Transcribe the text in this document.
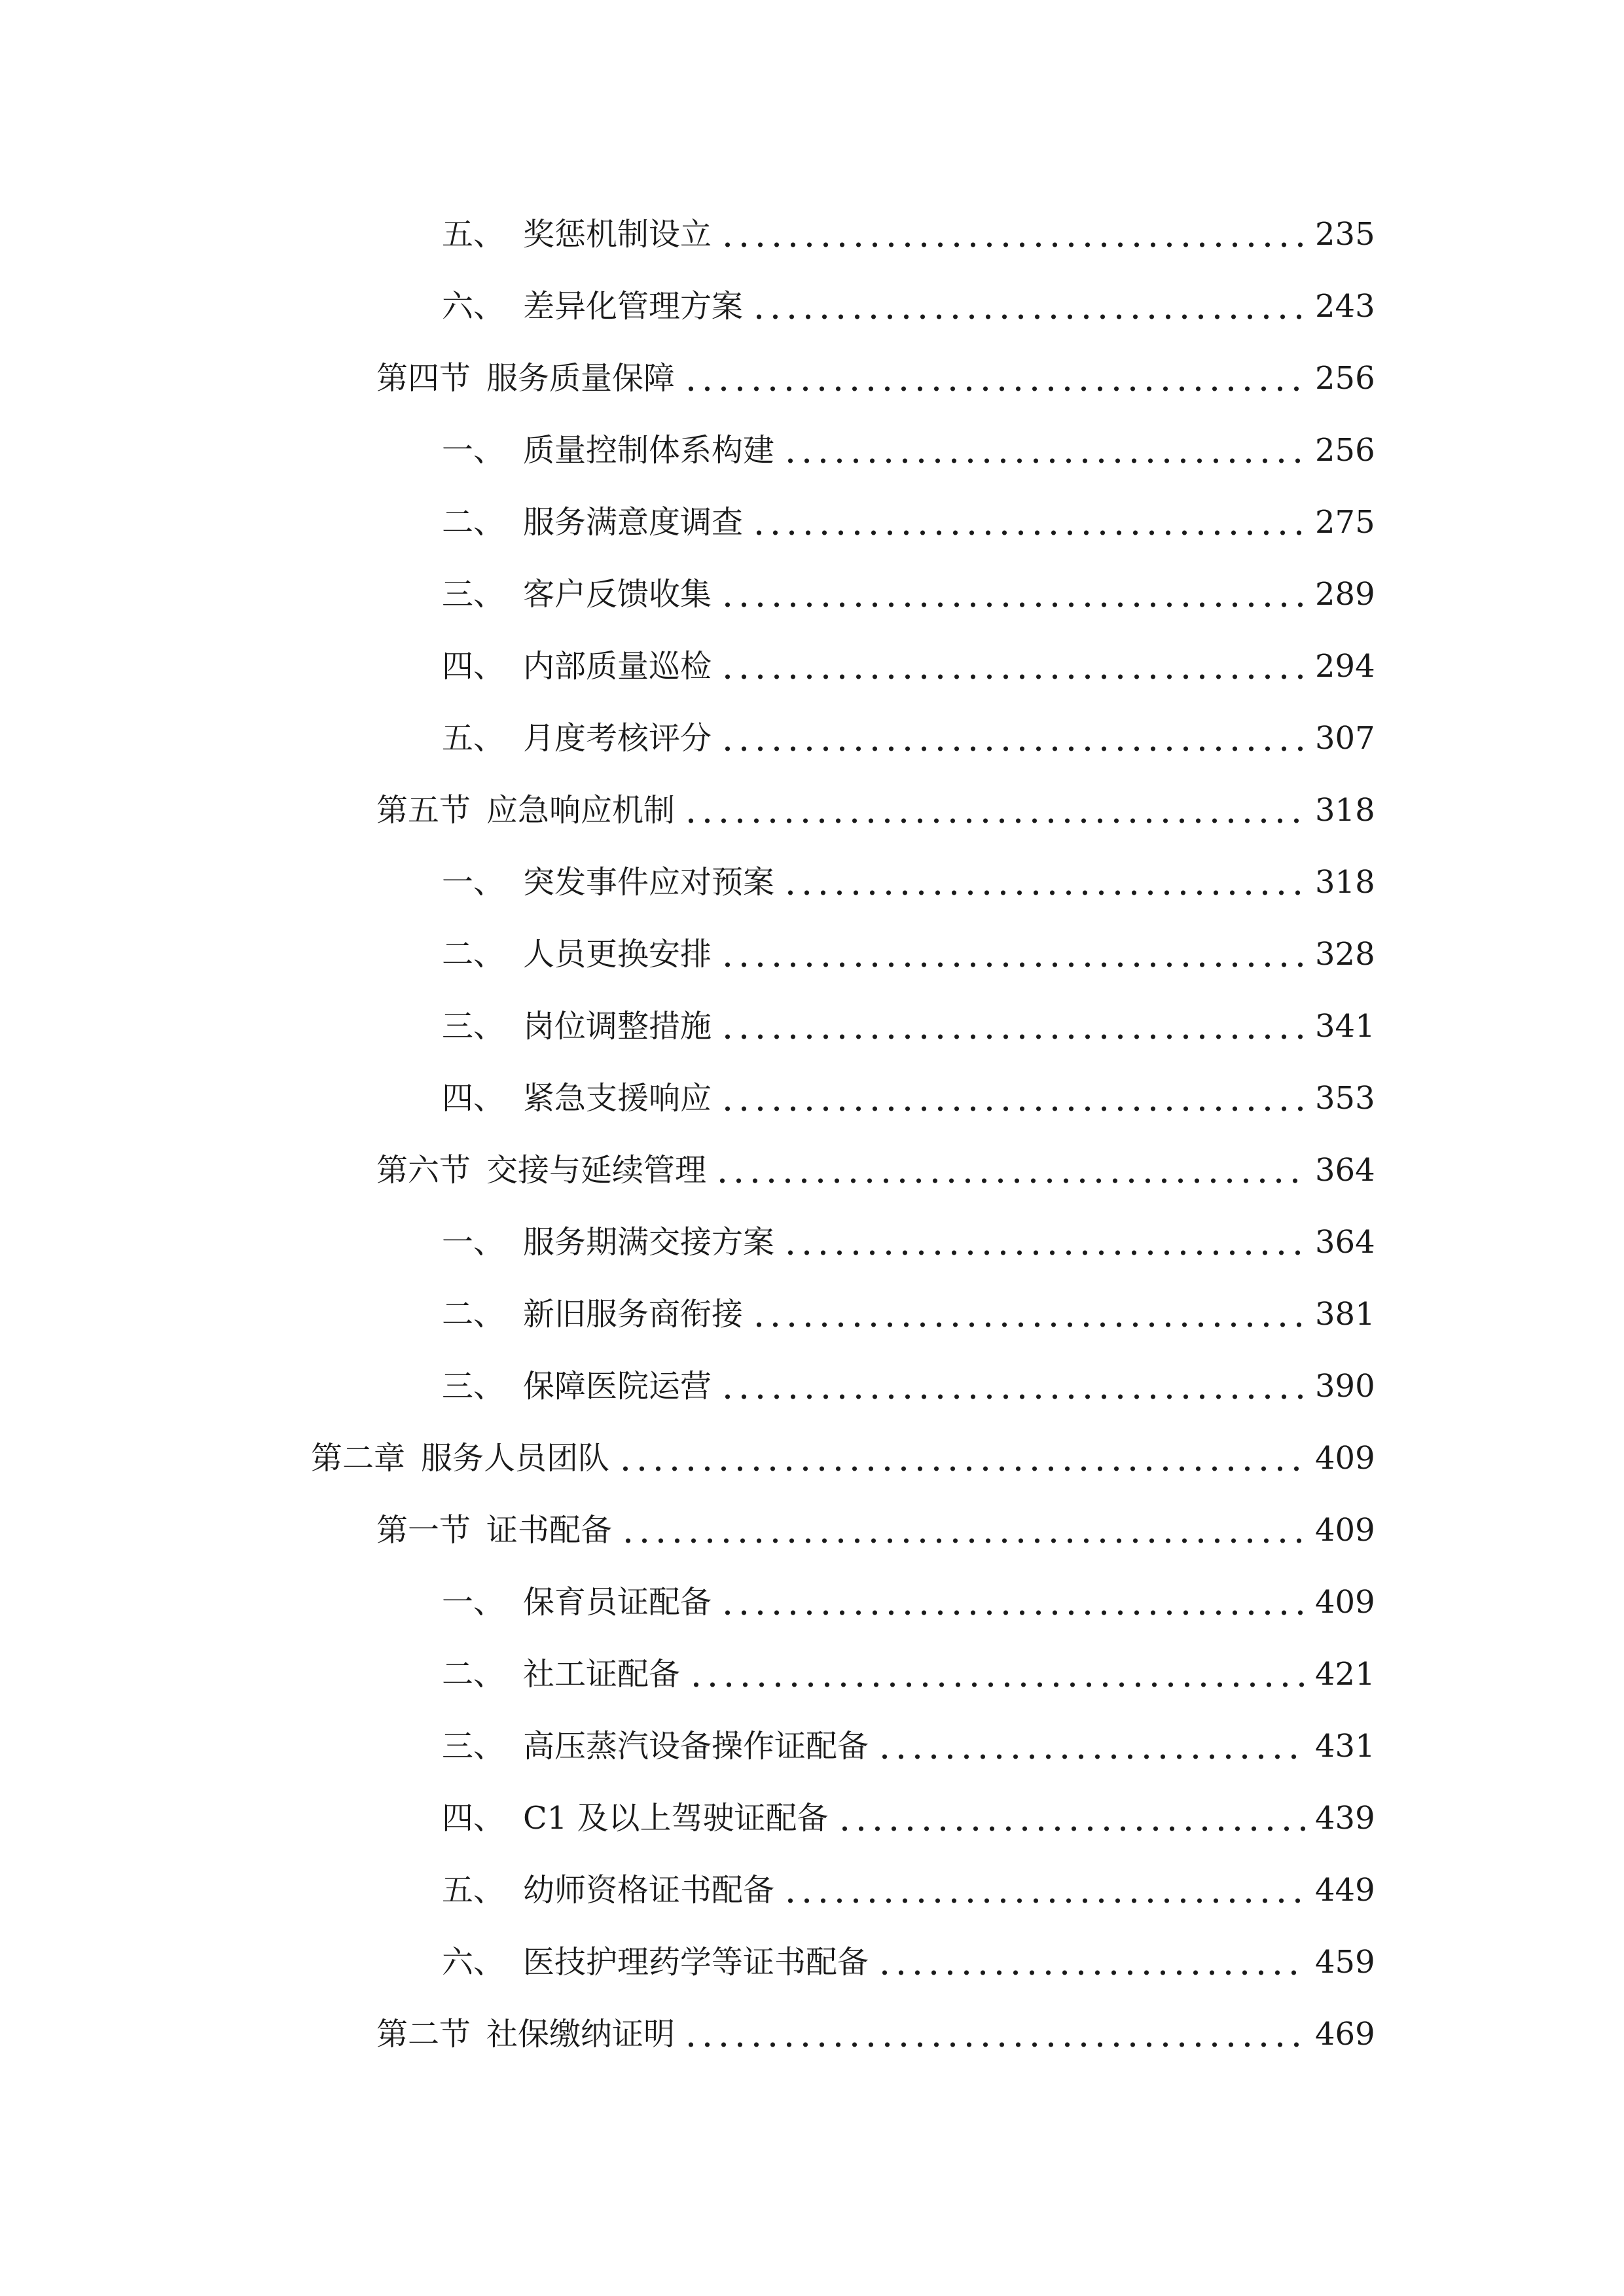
五、 奖惩机制设立	235
六、 差异化管理方案	243
第四节 服务质量保障	256
一、 质量控制体系构建	256
二、 服务满意度调查	275
三、 客户反馈收集	289
四、 内部质量巡检	294
五、 月度考核评分	307
第五节 应急响应机制	318
一、 突发事件应对预案	318
二、 人员更换安排	328
三、 岗位调整措施	341
四、 紧急支援响应	353
第六节 交接与延续管理	364
一、 服务期满交接方案	364
二、 新旧服务商衔接	381
三、 保障医院运营	390
第二章 服务人员团队	409
第一节 证书配备	409
一、 保育员证配备	409
二、 社工证配备	421
三、 高压蒸汽设备操作证配备	431
四、 C1 及以上驾驶证配备	439
五、 幼师资格证书配备	449
六、 医技护理药学等证书配备	459
第二节 社保缴纳证明	469
